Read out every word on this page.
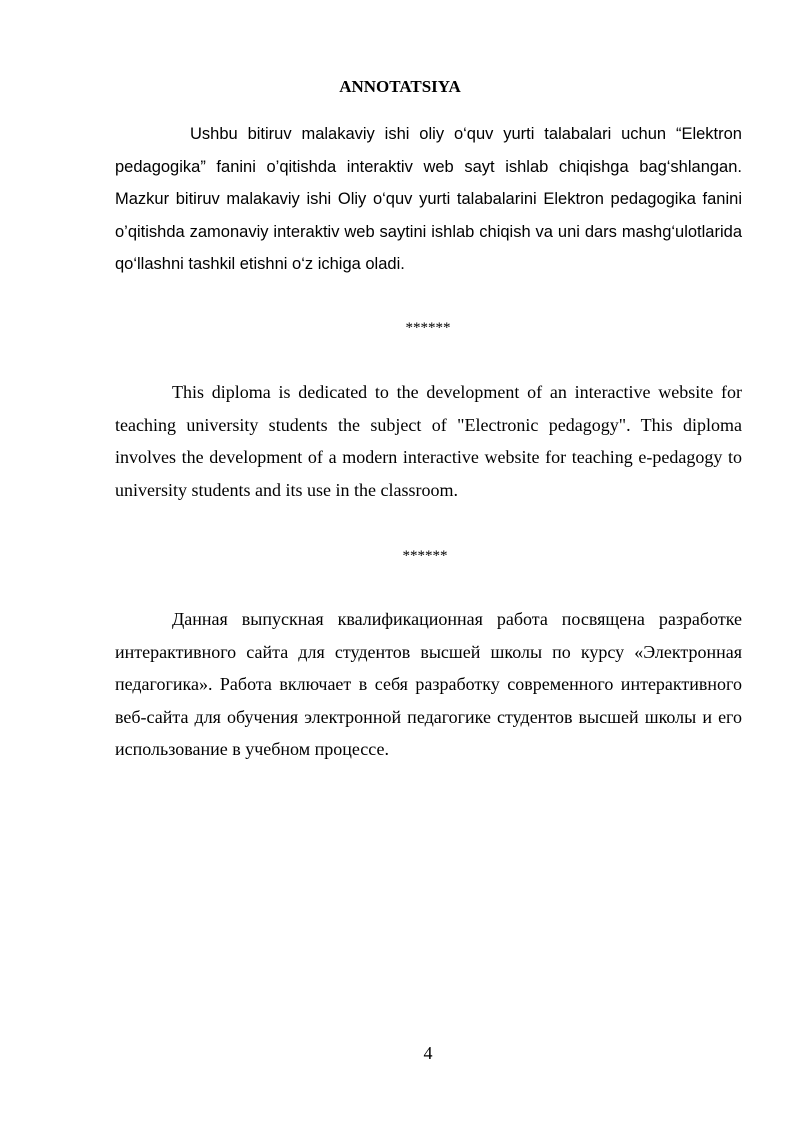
ANNOTATSIYA

Ushbu bitiruv malakaviy ishi oliy o‘quv yurti talabalari uchun “Elektron pedagogika” fanini o’qitishda interaktiv web sayt ishlab chiqishga bag‘shlangan. Mazkur bitiruv malakaviy ishi Oliy o‘quv yurti talabalarini Elektron pedagogika fanini o’qitishda zamonaviy interaktiv web saytini ishlab chiqish va uni dars mashg‘ulotlarida qo‘llashni tashkil etishni o‘z ichiga oladi.

******

This diploma is dedicated to the development of an interactive website for teaching university students the subject of "Electronic pedagogy". This diploma involves the development of a modern interactive website for teaching e-pedagogy to university students and its use in the classroom.

******

Данная выпускная квалификационная работа посвящена разработке интерактивного сайта для студентов высшей школы по курсу «Электронная педагогика». Работа включает в себя разработку современного интерактивного веб-сайта для обучения электронной педагогике студентов высшей школы и его использование в учебном процессе.

4
